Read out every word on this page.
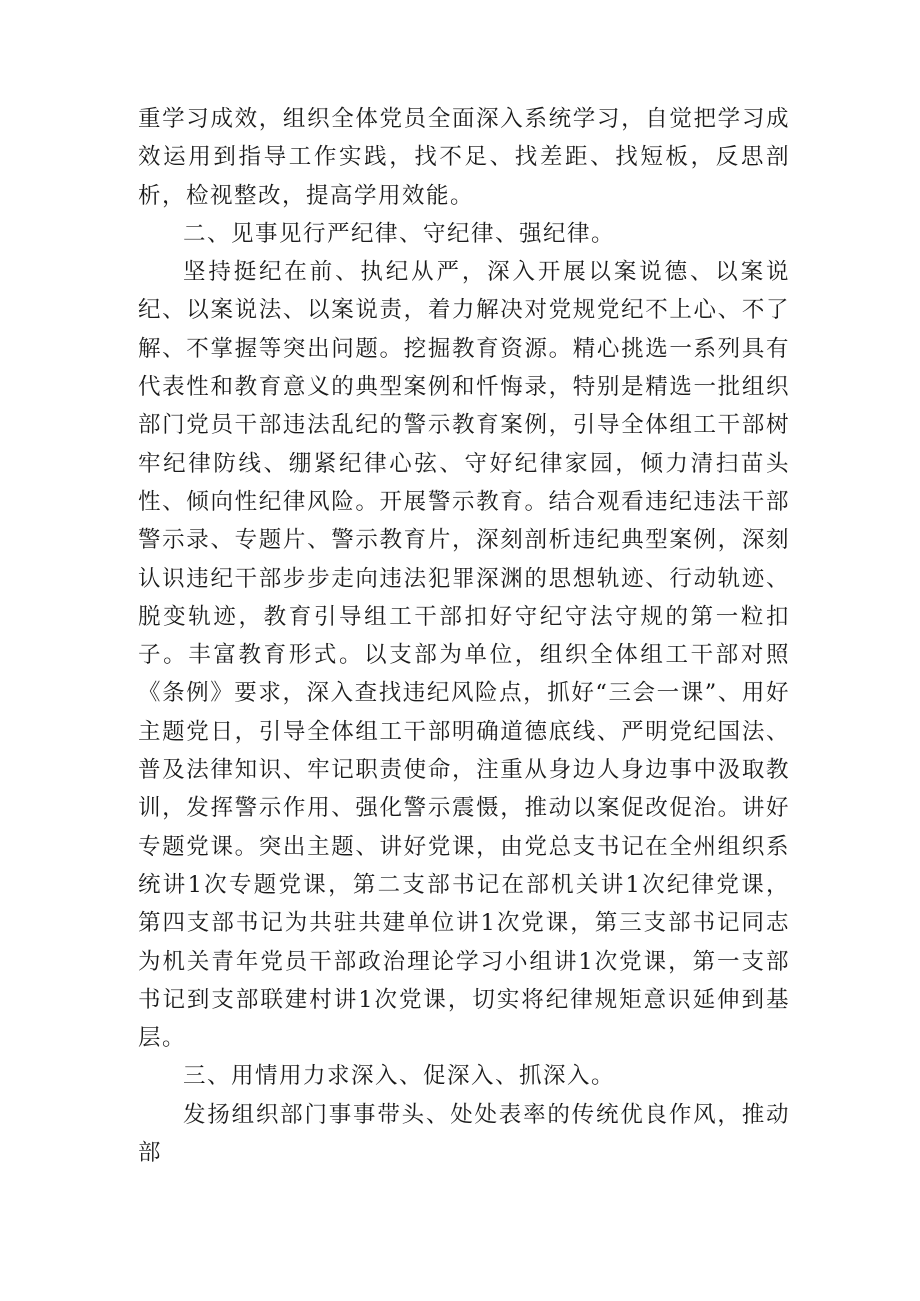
重学习成效，组织全体党员全面深入系统学习，自觉把学习成效运用到指导工作实践，找不足、找差距、找短板，反思剖析，检视整改，提高学用效能。

二、见事见行严纪律、守纪律、强纪律。

坚持挺纪在前、执纪从严，深入开展以案说德、以案说纪、以案说法、以案说责，着力解决对党规党纪不上心、不了解、不掌握等突出问题。挖掘教育资源。精心挑选一系列具有代表性和教育意义的典型案例和忏悔录，特别是精选一批组织部门党员干部违法乱纪的警示教育案例，引导全体组工干部树牢纪律防线、绷紧纪律心弦、守好纪律家园，倾力清扫苗头性、倾向性纪律风险。开展警示教育。结合观看违纪违法干部警示录、专题片、警示教育片，深刻剖析违纪典型案例，深刻认识违纪干部步步走向违法犯罪深渊的思想轨迹、行动轨迹、脱变轨迹，教育引导组工干部扣好守纪守法守规的第一粒扣子。丰富教育形式。以支部为单位，组织全体组工干部对照《条例》要求，深入查找违纪风险点，抓好“三会一课”、用好主题党日，引导全体组工干部明确道德底线、严明党纪国法、普及法律知识、牢记职责使命，注重从身边人身边事中汲取教训，发挥警示作用、强化警示震慑，推动以案促改促治。讲好专题党课。突出主题、讲好党课，由党总支书记在全州组织系统讲1次专题党课，第二支部书记在部机关讲1次纪律党课，第四支部书记为共驻共建单位讲1次党课，第三支部书记同志为机关青年党员干部政治理论学习小组讲1次党课，第一支部书记到支部联建村讲1次党课，切实将纪律规矩意识延伸到基层。

三、用情用力求深入、促深入、抓深入。

发扬组织部门事事带头、处处表率的传统优良作风，推动部
